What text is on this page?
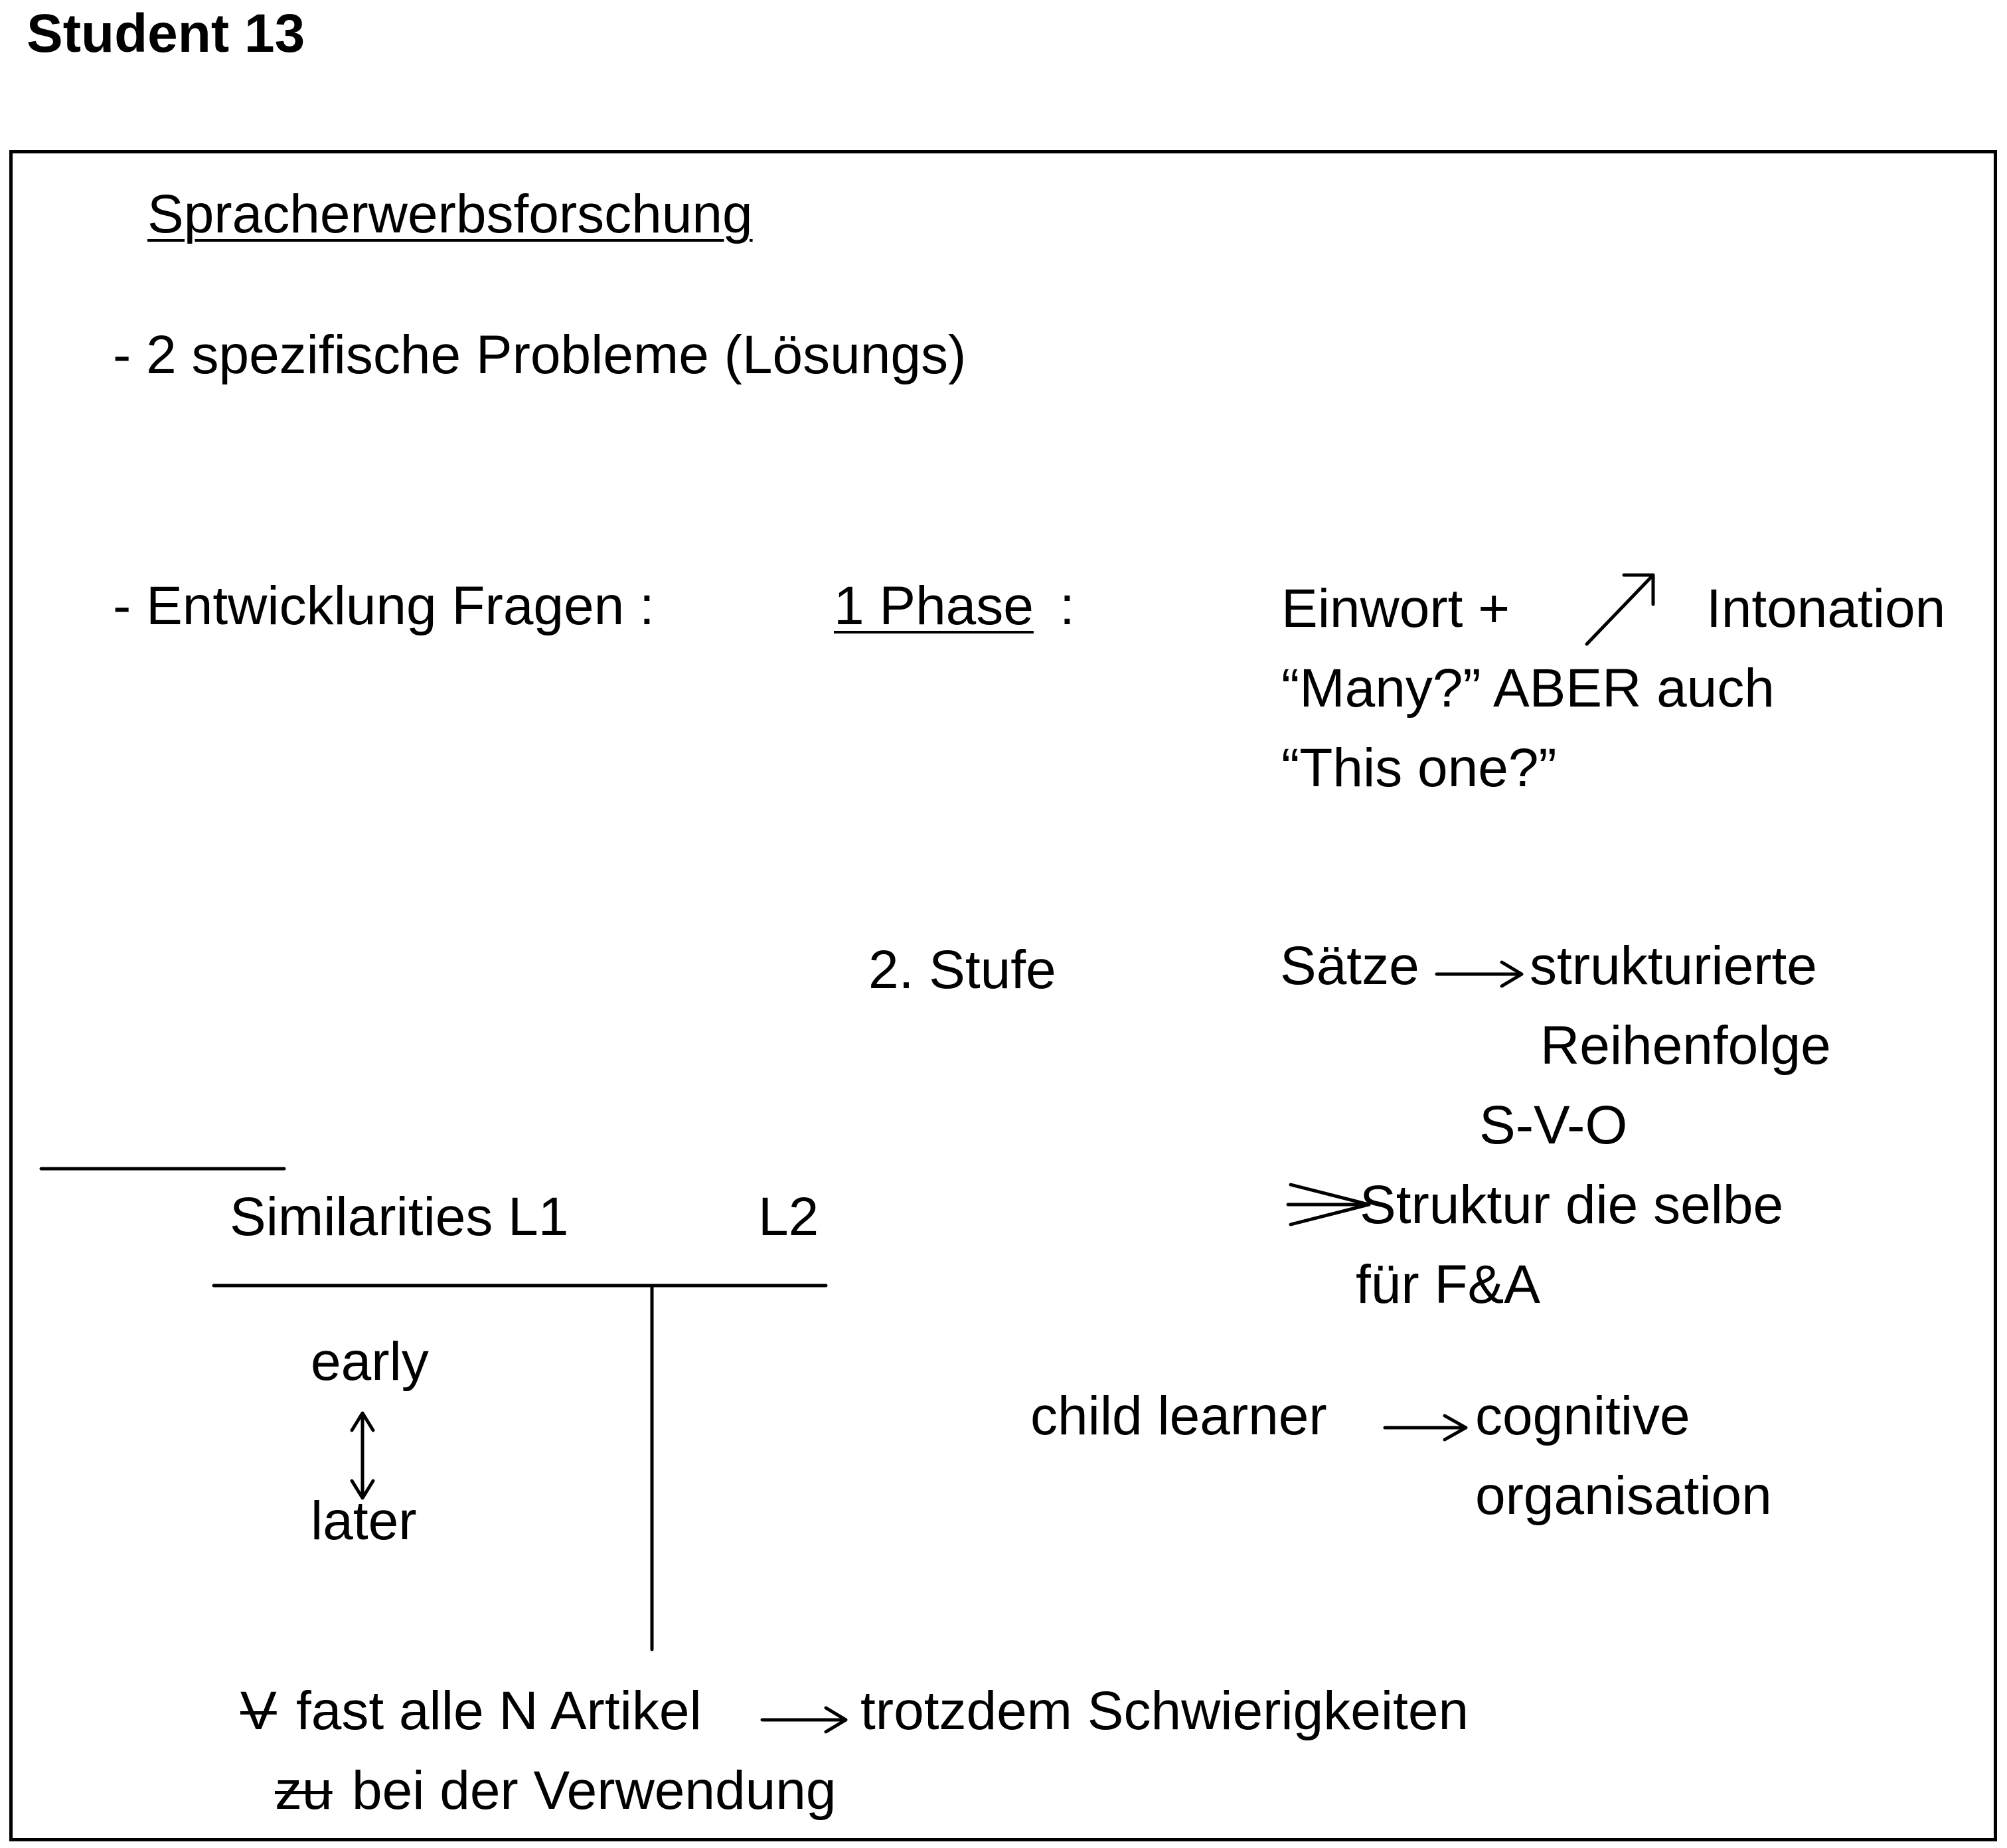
Student 13
Spracherwerbsforschung
- 2 spezifische Probleme (Lösungs)
- Entwicklung Fragen :	1 Phase :	Einwort +	Intonation
“Many?” ABER auch
“This one?”
2. Stufe	Sätze strukturierte
Reihenfolge
S-V-O
Struktur die selbe
für F&A
child learner	cognitive
organisation
Similarities L1	L2
early
later
V fast alle N Artikel	trotzdem Schwierigkeiten
zu bei der Verwendung
